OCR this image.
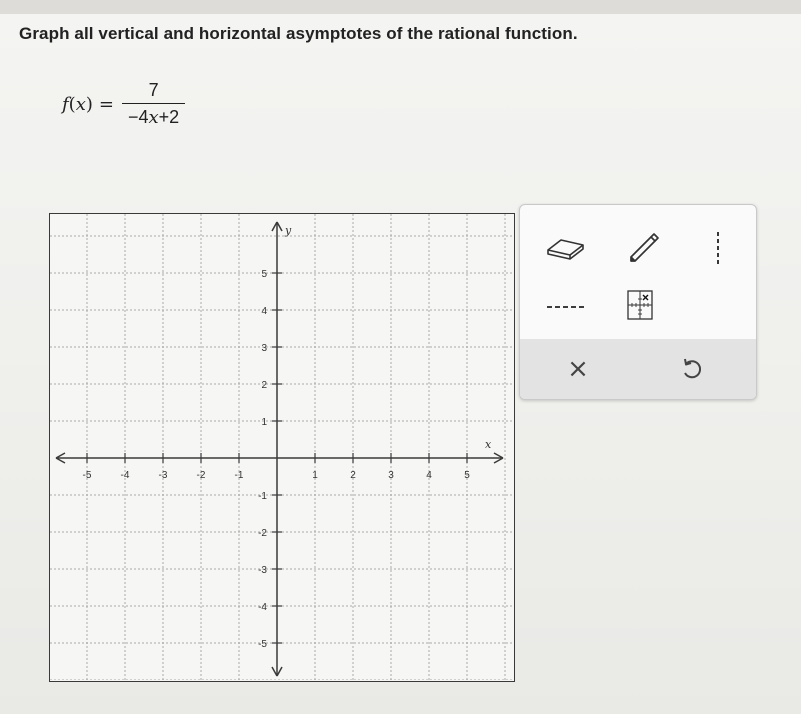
Graph all vertical and horizontal asymptotes of the rational function.
$f(x) = \frac{7}{-4x+2}$
x
y
-5	-4	-3	-2	-1	1	2	3	4	5
5
4
3
2
1
-1
-2
-3
-4
-5
×
